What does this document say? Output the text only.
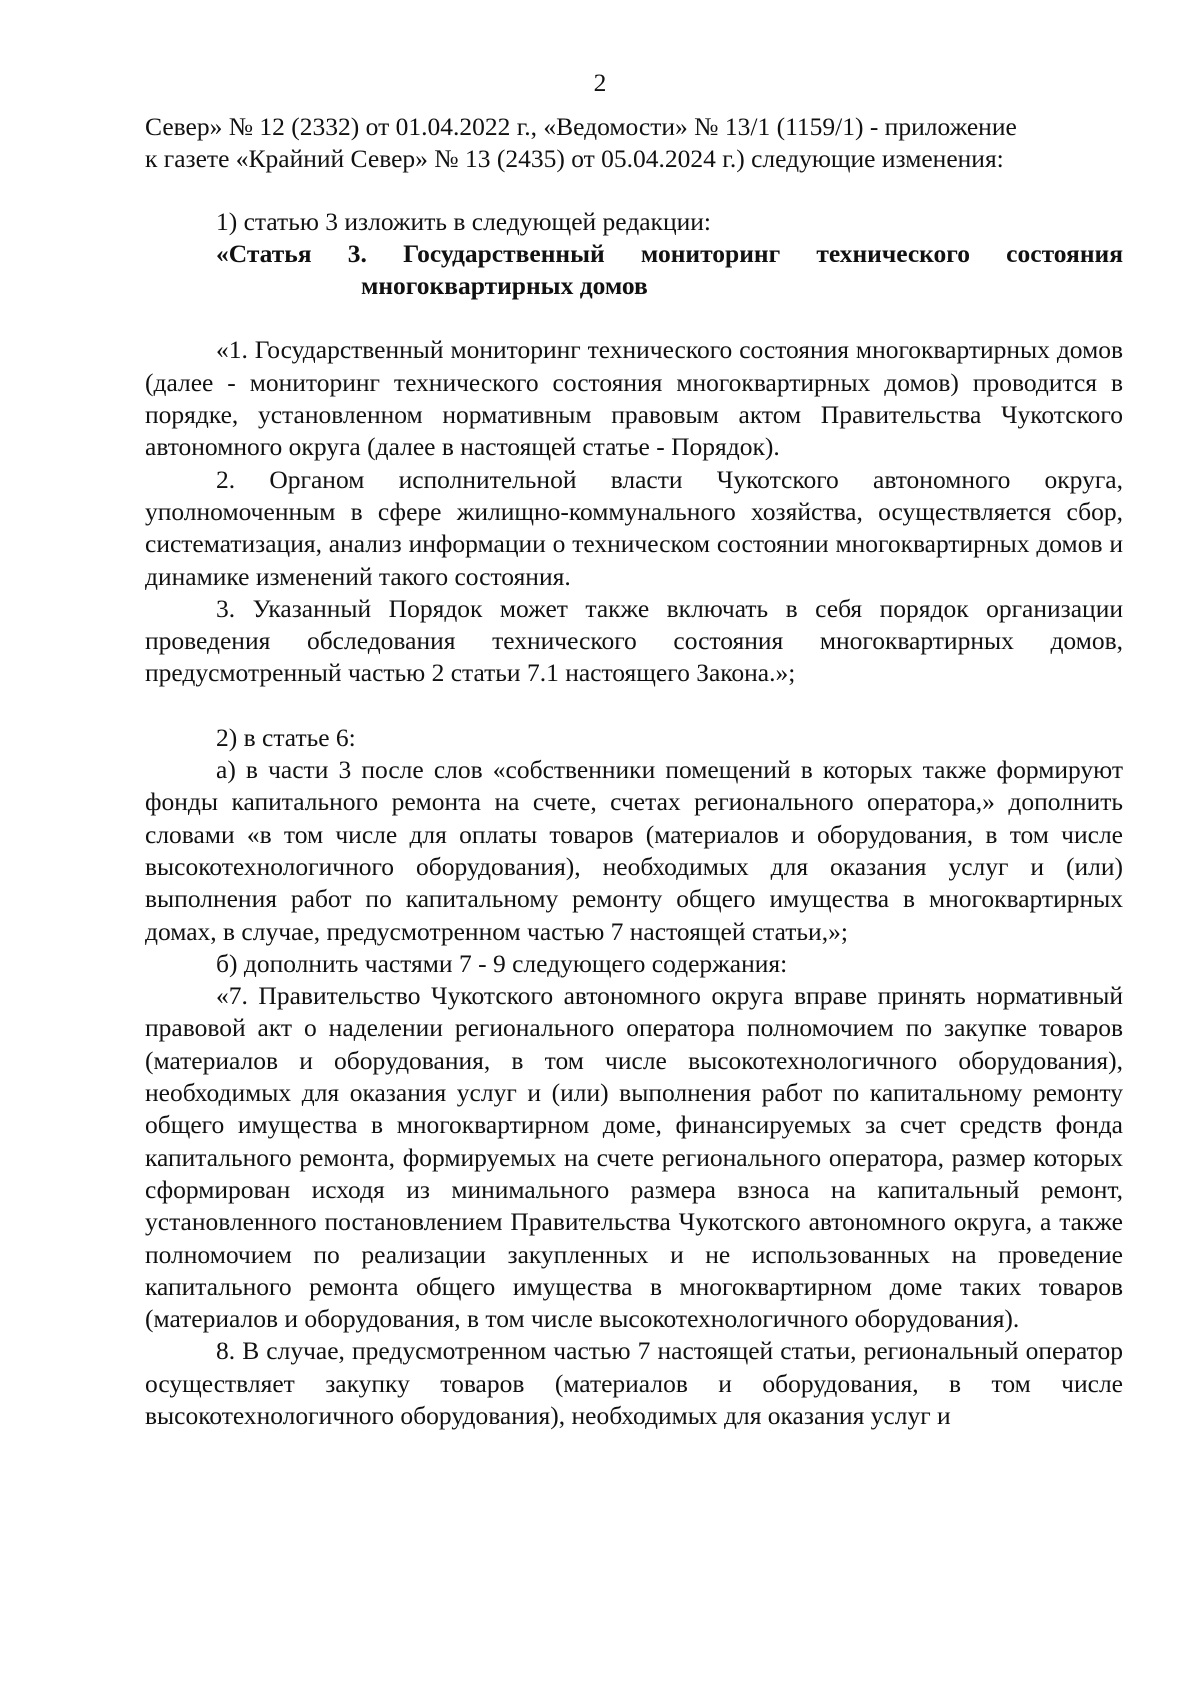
2

Север» № 12 (2332) от 01.04.2022 г., «Ведомости» № 13/1 (1159/1) - приложение

к газете «Крайний Север» № 13 (2435) от 05.04.2024 г.) следующие изменения:

1) статью 3 изложить в следующей редакции:

«Статья 3. Государственный мониторинг технического состояния

многоквартирных домов

«1. Государственный мониторинг технического состояния многоквартирных домов (далее - мониторинг технического состояния многоквартирных домов) проводится в порядке, установленном нормативным правовым актом Правительства Чукотского автономного округа (далее в настоящей статье - Порядок).

2. Органом исполнительной власти Чукотского автономного округа, уполномоченным в сфере жилищно-коммунального хозяйства, осуществляется сбор, систематизация, анализ информации о техническом состоянии многоквартирных домов и динамике изменений такого состояния.

3. Указанный Порядок может также включать в себя порядок организации проведения обследования технического состояния многоквартирных домов, предусмотренный частью 2 статьи 7.1 настоящего Закона.»;

2) в статье 6:

а) в части 3 после слов «собственники помещений в которых также формируют фонды капитального ремонта на счете, счетах регионального оператора,» дополнить словами «в том числе для оплаты товаров (материалов и оборудования, в том числе высокотехнологичного оборудования), необходимых для оказания услуг и (или) выполнения работ по капитальному ремонту общего имущества в многоквартирных домах, в случае, предусмотренном частью 7 настоящей статьи,»;

б) дополнить частями 7 - 9 следующего содержания:

«7. Правительство Чукотского автономного округа вправе принять нормативный правовой акт о наделении регионального оператора полномочием по закупке товаров (материалов и оборудования, в том числе высокотехнологичного оборудования), необходимых для оказания услуг и (или) выполнения работ по капитальному ремонту общего имущества в многоквартирном доме, финансируемых за счет средств фонда капитального ремонта, формируемых на счете регионального оператора, размер которых сформирован исходя из минимального размера взноса на капитальный ремонт, установленного постановлением Правительства Чукотского автономного округа, а также полномочием по реализации закупленных и не использованных на проведение капитального ремонта общего имущества в многоквартирном доме таких товаров (материалов и оборудования, в том числе высокотехнологичного оборудования).

8. В случае, предусмотренном частью 7 настоящей статьи, региональный оператор осуществляет закупку товаров (материалов и оборудования, в том числе высокотехнологичного оборудования), необходимых для оказания услуг и
